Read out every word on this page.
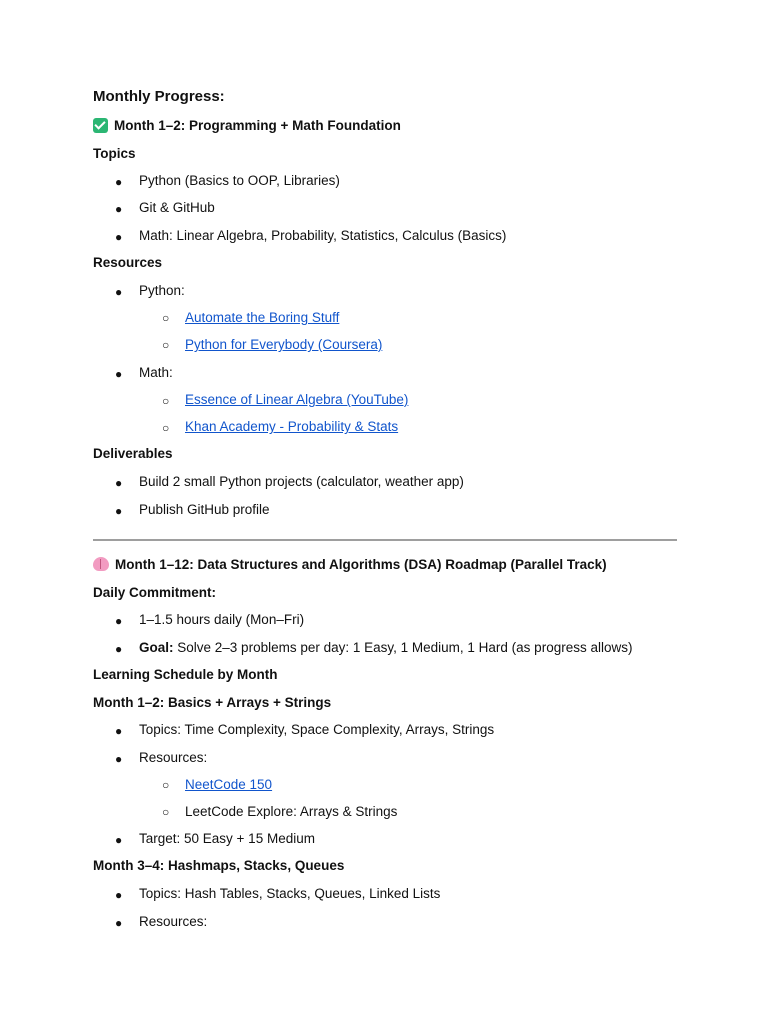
Monthly Progress:
Month 1–2: Programming + Math Foundation
Topics
● Python (Basics to OOP, Libraries)
● Git & GitHub
● Math: Linear Algebra, Probability, Statistics, Calculus (Basics)
Resources
● Python:
○ Automate the Boring Stuff
○ Python for Everybody (Coursera)
● Math:
○ Essence of Linear Algebra (YouTube)
○ Khan Academy - Probability & Stats
Deliverables
● Build 2 small Python projects (calculator, weather app)
● Publish GitHub profile
Month 1–12: Data Structures and Algorithms (DSA) Roadmap (Parallel Track)
Daily Commitment:
● 1–1.5 hours daily (Mon–Fri)
● Goal: Solve 2–3 problems per day: 1 Easy, 1 Medium, 1 Hard (as progress allows)
Learning Schedule by Month
Month 1–2: Basics + Arrays + Strings
● Topics: Time Complexity, Space Complexity, Arrays, Strings
● Resources:
○ NeetCode 150
○ LeetCode Explore: Arrays & Strings
● Target: 50 Easy + 15 Medium
Month 3–4: Hashmaps, Stacks, Queues
● Topics: Hash Tables, Stacks, Queues, Linked Lists
● Resources:
